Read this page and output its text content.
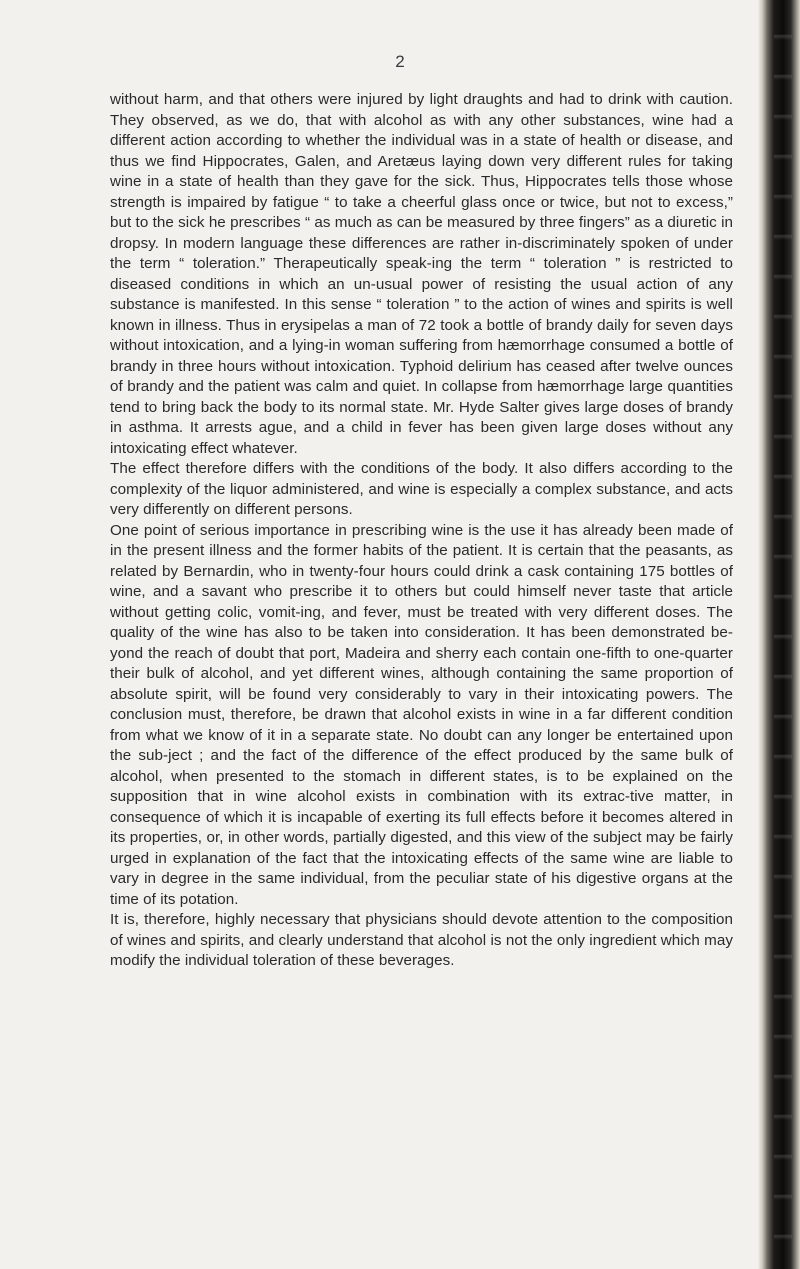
2

without harm, and that others were injured by light draughts and had to drink with caution. They observed, as we do, that with alcohol as with any other substances, wine had a different action according to whether the individual was in a state of health or disease, and thus we find Hippocrates, Galen, and Aretæus laying down very different rules for taking wine in a state of health than they gave for the sick. Thus, Hippocrates tells those whose strength is impaired by fatigue “ to take a cheerful glass once or twice, but not to excess,” but to the sick he prescribes “ as much as can be measured by three fingers” as a diuretic in dropsy. In modern language these differences are rather in-discriminately spoken of under the term “ toleration.” Therapeutically speak-ing the term “ toleration ” is restricted to diseased conditions in which an un-usual power of resisting the usual action of any substance is manifested. In this sense “ toleration ” to the action of wines and spirits is well known in illness. Thus in erysipelas a man of 72 took a bottle of brandy daily for seven days without intoxication, and a lying-in woman suffering from hæmorrhage consumed a bottle of brandy in three hours without intoxication. Typhoid delirium has ceased after twelve ounces of brandy and the patient was calm and quiet. In collapse from hæmorrhage large quantities tend to bring back the body to its normal state. Mr. Hyde Salter gives large doses of brandy in asthma. It arrests ague, and a child in fever has been given large doses without any intoxicating effect whatever.

The effect therefore differs with the conditions of the body. It also differs according to the complexity of the liquor administered, and wine is especially a complex substance, and acts very differently on different persons.

One point of serious importance in prescribing wine is the use it has already been made of in the present illness and the former habits of the patient. It is certain that the peasants, as related by Bernardin, who in twenty-four hours could drink a cask containing 175 bottles of wine, and a savant who prescribe it to others but could himself never taste that article without getting colic, vomit-ing, and fever, must be treated with very different doses. The quality of the wine has also to be taken into consideration. It has been demonstrated be-yond the reach of doubt that port, Madeira and sherry each contain one-fifth to one-quarter their bulk of alcohol, and yet different wines, although containing the same proportion of absolute spirit, will be found very considerably to vary in their intoxicating powers. The conclusion must, therefore, be drawn that alcohol exists in wine in a far different condition from what we know of it in a separate state. No doubt can any longer be entertained upon the sub-ject ; and the fact of the difference of the effect produced by the same bulk of alcohol, when presented to the stomach in different states, is to be explained on the supposition that in wine alcohol exists in combination with its extrac-tive matter, in consequence of which it is incapable of exerting its full effects before it becomes altered in its properties, or, in other words, partially digested, and this view of the subject may be fairly urged in explanation of the fact that the intoxicating effects of the same wine are liable to vary in degree in the same individual, from the peculiar state of his digestive organs at the time of its potation.

It is, therefore, highly necessary that physicians should devote attention to the composition of wines and spirits, and clearly understand that alcohol is not the only ingredient which may modify the individual toleration of these beverages.
